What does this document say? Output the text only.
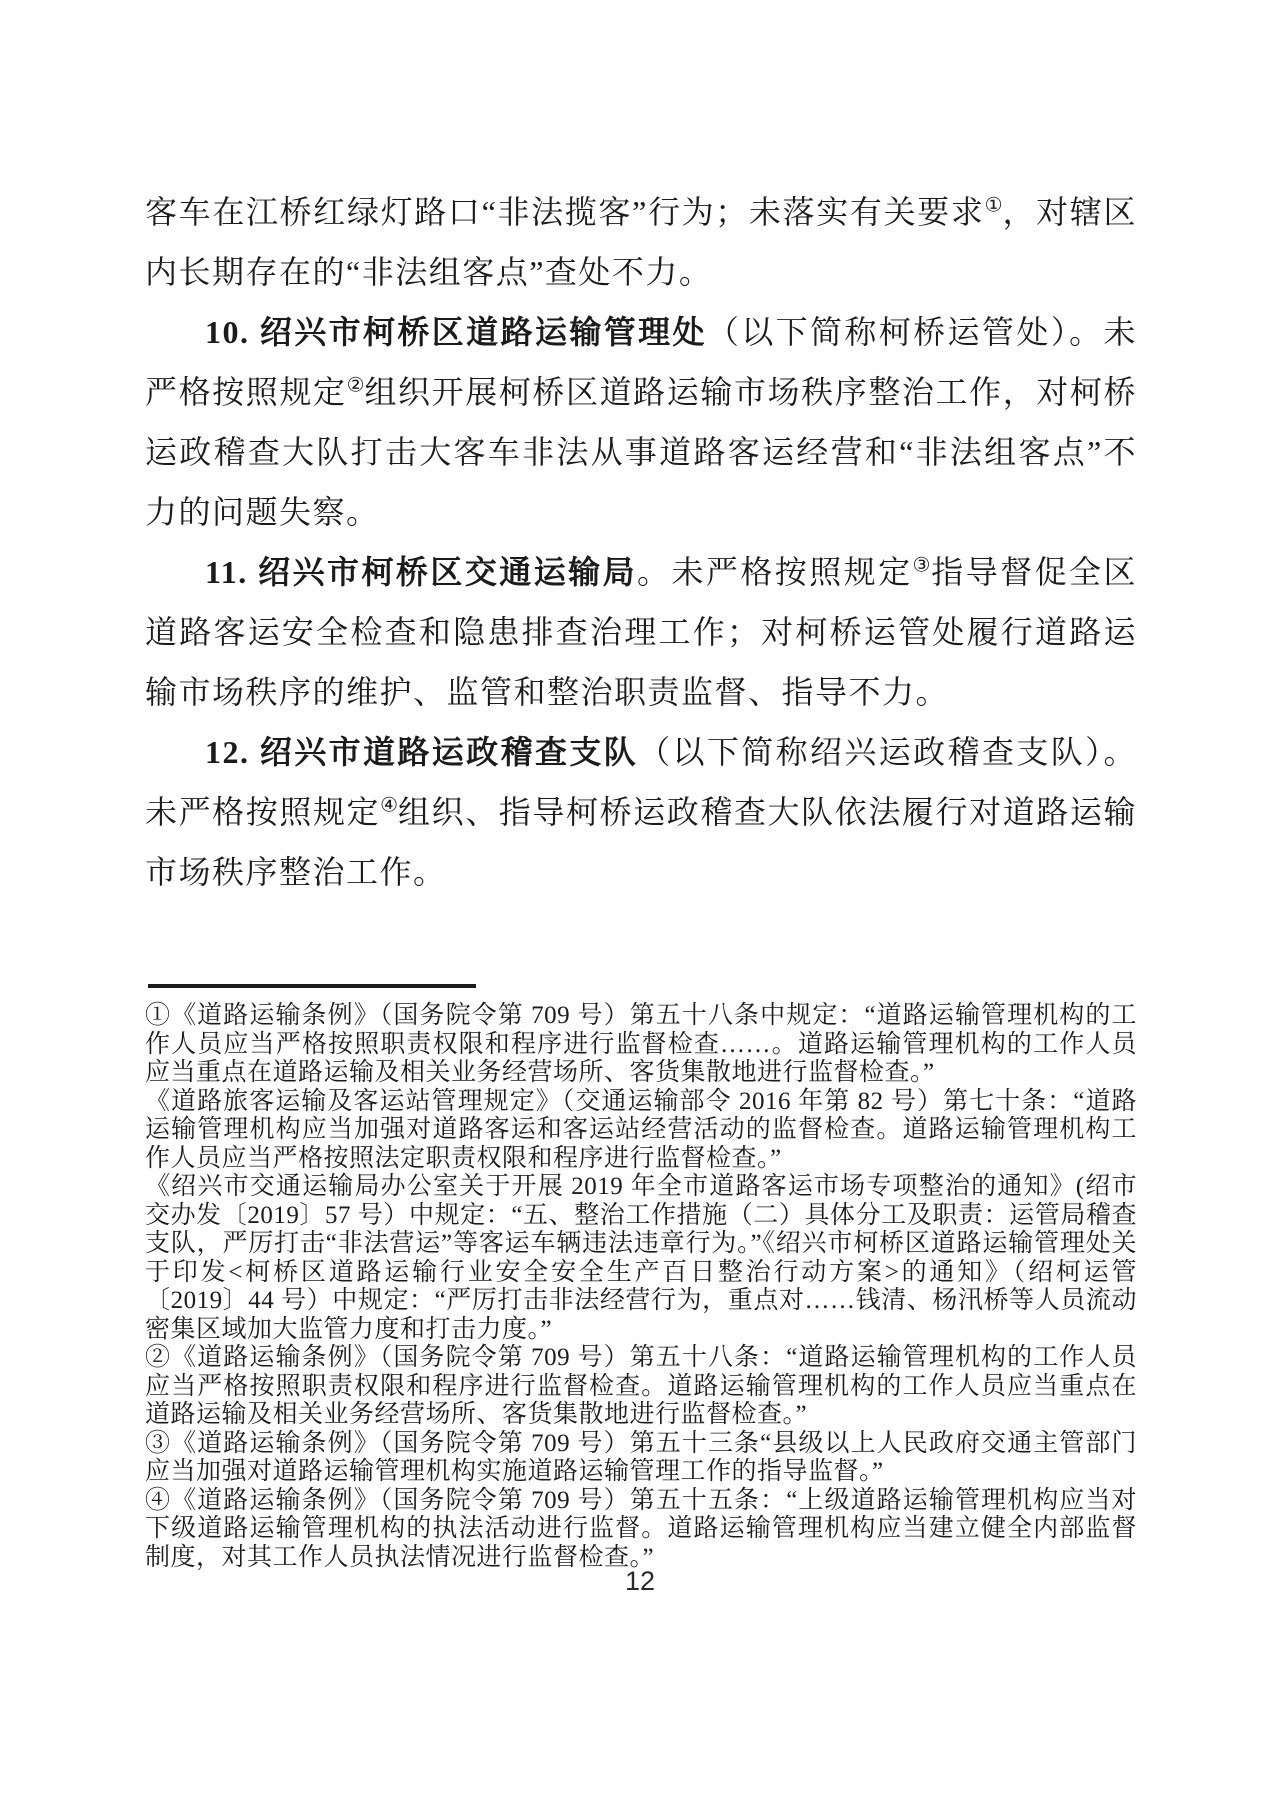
客车在江桥红绿灯路口“非法揽客”行为；未落实有关要求①，对辖区内长期存在的“非法组客点”查处不力。
10. 绍兴市柯桥区道路运输管理处（以下简称柯桥运管处）。未严格按照规定②组织开展柯桥区道路运输市场秩序整治工作，对柯桥运政稽查大队打击大客车非法从事道路客运经营和“非法组客点”不力的问题失察。
11. 绍兴市柯桥区交通运输局。未严格按照规定③指导督促全区道路客运安全检查和隐患排查治理工作；对柯桥运管处履行道路运输市场秩序的维护、监管和整治职责监督、指导不力。
12. 绍兴市道路运政稽查支队（以下简称绍兴运政稽查支队）。未严格按照规定④组织、指导柯桥运政稽查大队依法履行对道路运输市场秩序整治工作。
①《道路运输条例》（国务院令第 709 号）第五十八条中规定：“道路运输管理机构的工作人员应当严格按照职责权限和程序进行监督检查……。道路运输管理机构的工作人员应当重点在道路运输及相关业务经营场所、客货集散地进行监督检查。”
《道路旅客运输及客运站管理规定》（交通运输部令 2016 年第 82 号）第七十条：“道路运输管理机构应当加强对道路客运和客运站经营活动的监督检查。道路运输管理机构工作人员应当严格按照法定职责权限和程序进行监督检查。”
《绍兴市交通运输局办公室关于开展 2019 年全市道路客运市场专项整治的通知》(绍市交办发〔2019〕57 号）中规定：“五、整治工作措施（二）具体分工及职责：运管局稽查支队，严厉打击“非法营运”等客运车辆违法违章行为。”《绍兴市柯桥区道路运输管理处关于印发<柯桥区道路运输行业安全安全生产百日整治行动方案>的通知》（绍柯运管〔2019〕44 号）中规定：“严厉打击非法经营行为，重点对……钱清、杨汛桥等人员流动密集区域加大监管力度和打击力度。”
②《道路运输条例》（国务院令第 709 号）第五十八条：“道路运输管理机构的工作人员应当严格按照职责权限和程序进行监督检查。道路运输管理机构的工作人员应当重点在道路运输及相关业务经营场所、客货集散地进行监督检查。”
③《道路运输条例》（国务院令第 709 号）第五十三条“县级以上人民政府交通主管部门应当加强对道路运输管理机构实施道路运输管理工作的指导监督。”
④《道路运输条例》（国务院令第 709 号）第五十五条：“上级道路运输管理机构应当对下级道路运输管理机构的执法活动进行监督。道路运输管理机构应当建立健全内部监督制度，对其工作人员执法情况进行监督检查。”
12
